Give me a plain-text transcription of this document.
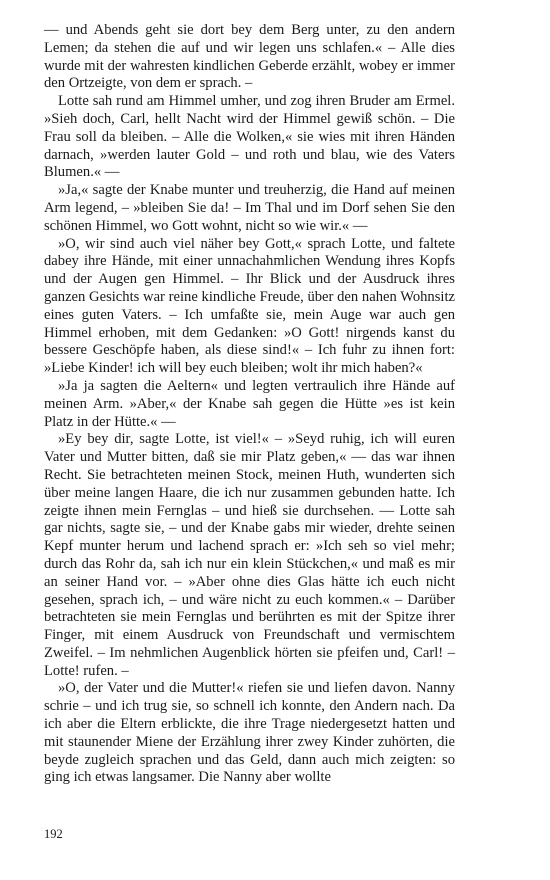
–– und Abends geht sie dort bey dem Berg unter, zu den andern Lemen; da stehen die auf und wir legen uns schlafen.« – Alle dies wurde mit der wahresten kindlichen Geberde erzählt, wobey er immer den Ortzeigte, von dem er sprach. –

Lotte sah rund am Himmel umher, und zog ihren Bruder am Ermel. »Sieh doch, Carl, hellt Nacht wird der Himmel gewiß schön. – Die Frau soll da bleiben. – Alle die Wolken,« sie wies mit ihren Händen darnach, »werden lauter Gold – und roth und blau, wie des Vaters Blumen.« ––

»Ja,« sagte der Knabe munter und treuherzig, die Hand auf meinen Arm legend, – »bleiben Sie da! – Im Thal und im Dorf sehen Sie den schönen Himmel, wo Gott wohnt, nicht so wie wir.« ––

»O, wir sind auch viel näher bey Gott,« sprach Lotte, und faltete dabey ihre Hände, mit einer unnachahmlichen Wendung ihres Kopfs und der Augen gen Himmel. – Ihr Blick und der Ausdruck ihres ganzen Gesichts war reine kindliche Freude, über den nahen Wohnsitz eines guten Vaters. – Ich umfaßte sie, mein Auge war auch gen Himmel erhoben, mit dem Gedanken: »O Gott! nirgends kanst du bessere Geschöpfe haben, als diese sind!« – Ich fuhr zu ihnen fort: »Liebe Kinder! ich will bey euch bleiben; wolt ihr mich haben?«

»Ja ja sagten die Aeltern« und legten vertraulich ihre Hände auf meinen Arm. »Aber,« der Knabe sah gegen die Hütte »es ist kein Platz in der Hütte.« ––

»Ey bey dir, sagte Lotte, ist viel!« – »Seyd ruhig, ich will euren Vater und Mutter bitten, daß sie mir Platz geben,« –– das war ihnen Recht. Sie betrachteten meinen Stock, meinen Huth, wunderten sich über meine langen Haare, die ich nur zusammen gebunden hatte. Ich zeigte ihnen mein Fernglas – und hieß sie durchsehen. –– Lotte sah gar nichts, sagte sie, – und der Knabe gabs mir wieder, drehte seinen Kepf munter herum und lachend sprach er: »Ich seh so viel mehr; durch das Rohr da, sah ich nur ein klein Stückchen,« und maß es mir an seiner Hand vor. – »Aber ohne dies Glas hätte ich euch nicht gesehen, sprach ich, – und wäre nicht zu euch kommen.« – Darüber betrachteten sie mein Fernglas und berührten es mit der Spitze ihrer Finger, mit einem Ausdruck von Freundschaft und vermischtem Zweifel. – Im nehmlichen Augenblick hörten sie pfeifen und, Carl! – Lotte! rufen. –

»O, der Vater und die Mutter!« riefen sie und liefen davon. Nanny schrie – und ich trug sie, so schnell ich konnte, den Andern nach. Da ich aber die Eltern erblickte, die ihre Trage niedergesetzt hatten und mit staunender Miene der Erzählung ihrer zwey Kinder zuhörten, die beyde zugleich sprachen und das Geld, dann auch mich zeigten: so ging ich etwas langsamer. Die Nanny aber wollte

192
